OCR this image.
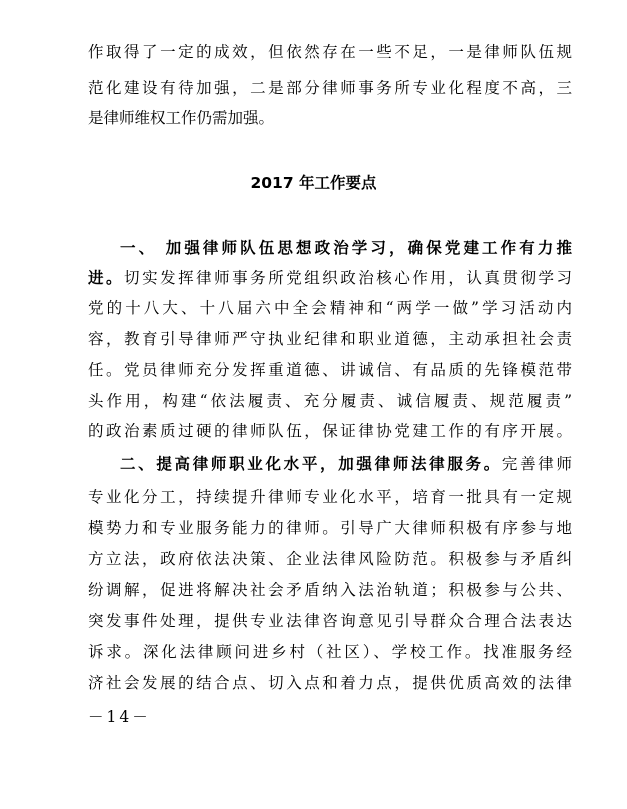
作取得了一定的成效，但依然存在一些不足，一是律师队伍规
范化建设有待加强，二是部分律师事务所专业化程度不高，三
是律师维权工作仍需加强。
2017 年工作要点
一、 加强律师队伍思想政治学习，确保党建工作有力推
进。切实发挥律师事务所党组织政治核心作用，认真贯彻学习
党的十八大、十八届六中全会精神和“两学一做”学习活动内
容，教育引导律师严守执业纪律和职业道德，主动承担社会责
任。党员律师充分发挥重道德、讲诚信、有品质的先锋模范带
头作用，构建“依法履责、充分履责、诚信履责、规范履责”
的政治素质过硬的律师队伍，保证律协党建工作的有序开展。
二、提高律师职业化水平，加强律师法律服务。完善律师
专业化分工，持续提升律师专业化水平，培育一批具有一定规
模势力和专业服务能力的律师。引导广大律师积极有序参与地
方立法，政府依法决策、企业法律风险防范。积极参与矛盾纠
纷调解，促进将解决社会矛盾纳入法治轨道；积极参与公共、
突发事件处理，提供专业法律咨询意见引导群众合理合法表达
诉求。深化法律顾问进乡村（社区）、学校工作。找准服务经
济社会发展的结合点、切入点和着力点，提供优质高效的法律
－14－
